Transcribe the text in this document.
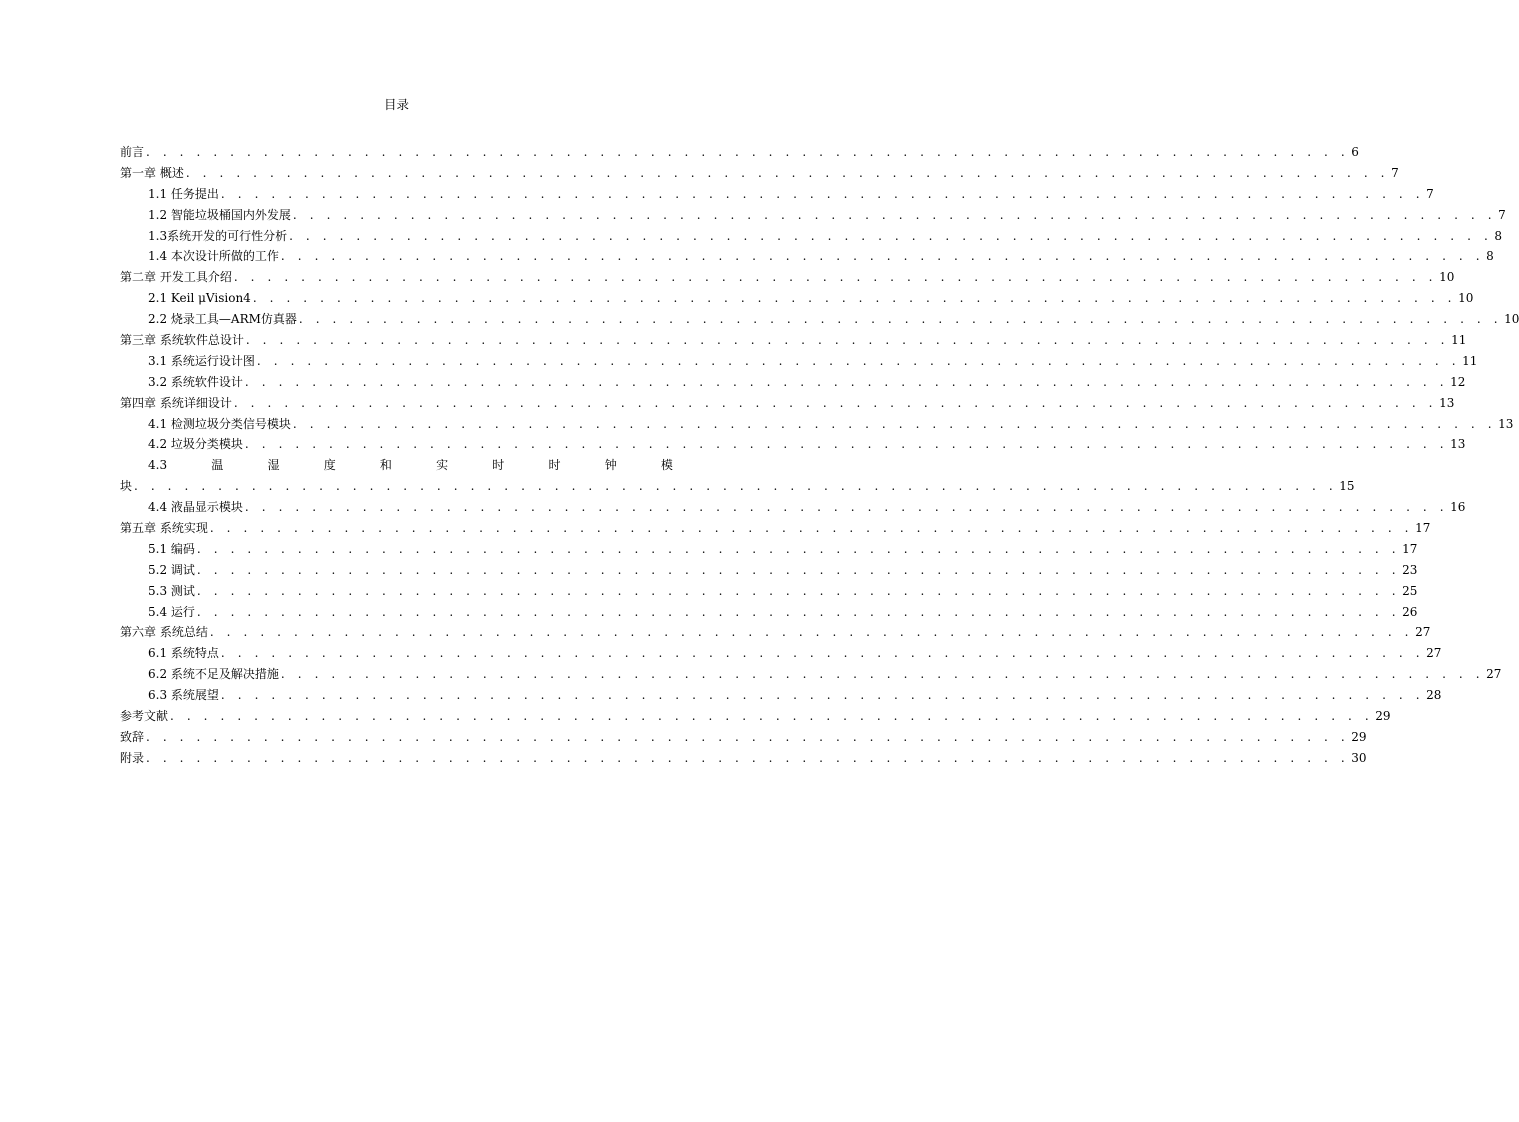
目录
前言 . . . . . . . . . . . . . . . . . . . . . . . . . . . . . . . . . . . . . . . . . . . . . . . . . . . . . . . . . . . . . . . . . . . . . . . . 6
第一章 概述 . . . . . . . . . . . . . . . . . . . . . . . . . . . . . . . . . . . . . . . . . . . . . . . . . . . . . . . . . . . . . . . . . . . . . . . . 7
1.1 任务提出 . . . . . . . . . . . . . . . . . . . . . . . . . . . . . . . . . . . . . . . . . . . . . . . . . . . . . . . . . . . . . . . . . . . . . . . . 7
1.2 智能垃圾桶国内外发展 . . . . . . . . . . . . . . . . . . . . . . . . . . . . . . . . . . . . . . . . . . . . . . . . . . . . . . . . . . . . . . . . . . . . . . . . 7
1.3系统开发的可行性分析 . . . . . . . . . . . . . . . . . . . . . . . . . . . . . . . . . . . . . . . . . . . . . . . . . . . . . . . . . . . . . . . . . . . . . . . . 8
1.4 本次设计所做的工作 . . . . . . . . . . . . . . . . . . . . . . . . . . . . . . . . . . . . . . . . . . . . . . . . . . . . . . . . . . . . . . . . . . . . . . . . 8
第二章 开发工具介绍 . . . . . . . . . . . . . . . . . . . . . . . . . . . . . . . . . . . . . . . . . . . . . . . . . . . . . . . . . . . . . . . . . . . . . . . . 10
2.1 Keil μVision4 . . . . . . . . . . . . . . . . . . . . . . . . . . . . . . . . . . . . . . . . . . . . . . . . . . . . . . . . . . . . . . . . . . . . . . . . 10
2.2 烧录工具—ARM仿真器 . . . . . . . . . . . . . . . . . . . . . . . . . . . . . . . . . . . . . . . . . . . . . . . . . . . . . . . . . . . . . . . . . . . . . . . . 10
第三章 系统软件总设计 . . . . . . . . . . . . . . . . . . . . . . . . . . . . . . . . . . . . . . . . . . . . . . . . . . . . . . . . . . . . . . . . . . . . . . . . 11
3.1 系统运行设计图 . . . . . . . . . . . . . . . . . . . . . . . . . . . . . . . . . . . . . . . . . . . . . . . . . . . . . . . . . . . . . . . . . . . . . . . . 11
3.2 系统软件设计 . . . . . . . . . . . . . . . . . . . . . . . . . . . . . . . . . . . . . . . . . . . . . . . . . . . . . . . . . . . . . . . . . . . . . . . . 12
第四章 系统详细设计 . . . . . . . . . . . . . . . . . . . . . . . . . . . . . . . . . . . . . . . . . . . . . . . . . . . . . . . . . . . . . . . . . . . . . . . . 13
4.1 检测垃圾分类信号模块 . . . . . . . . . . . . . . . . . . . . . . . . . . . . . . . . . . . . . . . . . . . . . . . . . . . . . . . . . . . . . . . . . . . . . . . . 13
4.2 垃圾分类模块 . . . . . . . . . . . . . . . . . . . . . . . . . . . . . . . . . . . . . . . . . . . . . . . . . . . . . . . . . . . . . . . . . . . . . . . . 13
4.3	温	湿	度	和	实	时	时	钟	模
块 . . . . . . . . . . . . . . . . . . . . . . . . . . . . . . . . . . . . . . . . . . . . . . . . . . . . . . . . . . . . . . . . . . . . . . . . 15
4.4 液晶显示模块 . . . . . . . . . . . . . . . . . . . . . . . . . . . . . . . . . . . . . . . . . . . . . . . . . . . . . . . . . . . . . . . . . . . . . . . . 16
第五章 系统实现 . . . . . . . . . . . . . . . . . . . . . . . . . . . . . . . . . . . . . . . . . . . . . . . . . . . . . . . . . . . . . . . . . . . . . . . . 17
5.1 编码 . . . . . . . . . . . . . . . . . . . . . . . . . . . . . . . . . . . . . . . . . . . . . . . . . . . . . . . . . . . . . . . . . . . . . . . . 17
5.2 调试 . . . . . . . . . . . . . . . . . . . . . . . . . . . . . . . . . . . . . . . . . . . . . . . . . . . . . . . . . . . . . . . . . . . . . . . . 23
5.3 测试 . . . . . . . . . . . . . . . . . . . . . . . . . . . . . . . . . . . . . . . . . . . . . . . . . . . . . . . . . . . . . . . . . . . . . . . . 25
5.4 运行 . . . . . . . . . . . . . . . . . . . . . . . . . . . . . . . . . . . . . . . . . . . . . . . . . . . . . . . . . . . . . . . . . . . . . . . . 26
第六章 系统总结 . . . . . . . . . . . . . . . . . . . . . . . . . . . . . . . . . . . . . . . . . . . . . . . . . . . . . . . . . . . . . . . . . . . . . . . . 27
6.1 系统特点 . . . . . . . . . . . . . . . . . . . . . . . . . . . . . . . . . . . . . . . . . . . . . . . . . . . . . . . . . . . . . . . . . . . . . . . . 27
6.2 系统不足及解决措施 . . . . . . . . . . . . . . . . . . . . . . . . . . . . . . . . . . . . . . . . . . . . . . . . . . . . . . . . . . . . . . . . . . . . . . . . 27
6.3 系统展望 . . . . . . . . . . . . . . . . . . . . . . . . . . . . . . . . . . . . . . . . . . . . . . . . . . . . . . . . . . . . . . . . . . . . . . . . 28
参考文献 . . . . . . . . . . . . . . . . . . . . . . . . . . . . . . . . . . . . . . . . . . . . . . . . . . . . . . . . . . . . . . . . . . . . . . . . 29
致辞 . . . . . . . . . . . . . . . . . . . . . . . . . . . . . . . . . . . . . . . . . . . . . . . . . . . . . . . . . . . . . . . . . . . . . . . . 29
附录 . . . . . . . . . . . . . . . . . . . . . . . . . . . . . . . . . . . . . . . . . . . . . . . . . . . . . . . . . . . . . . . . . . . . . . . . 30
